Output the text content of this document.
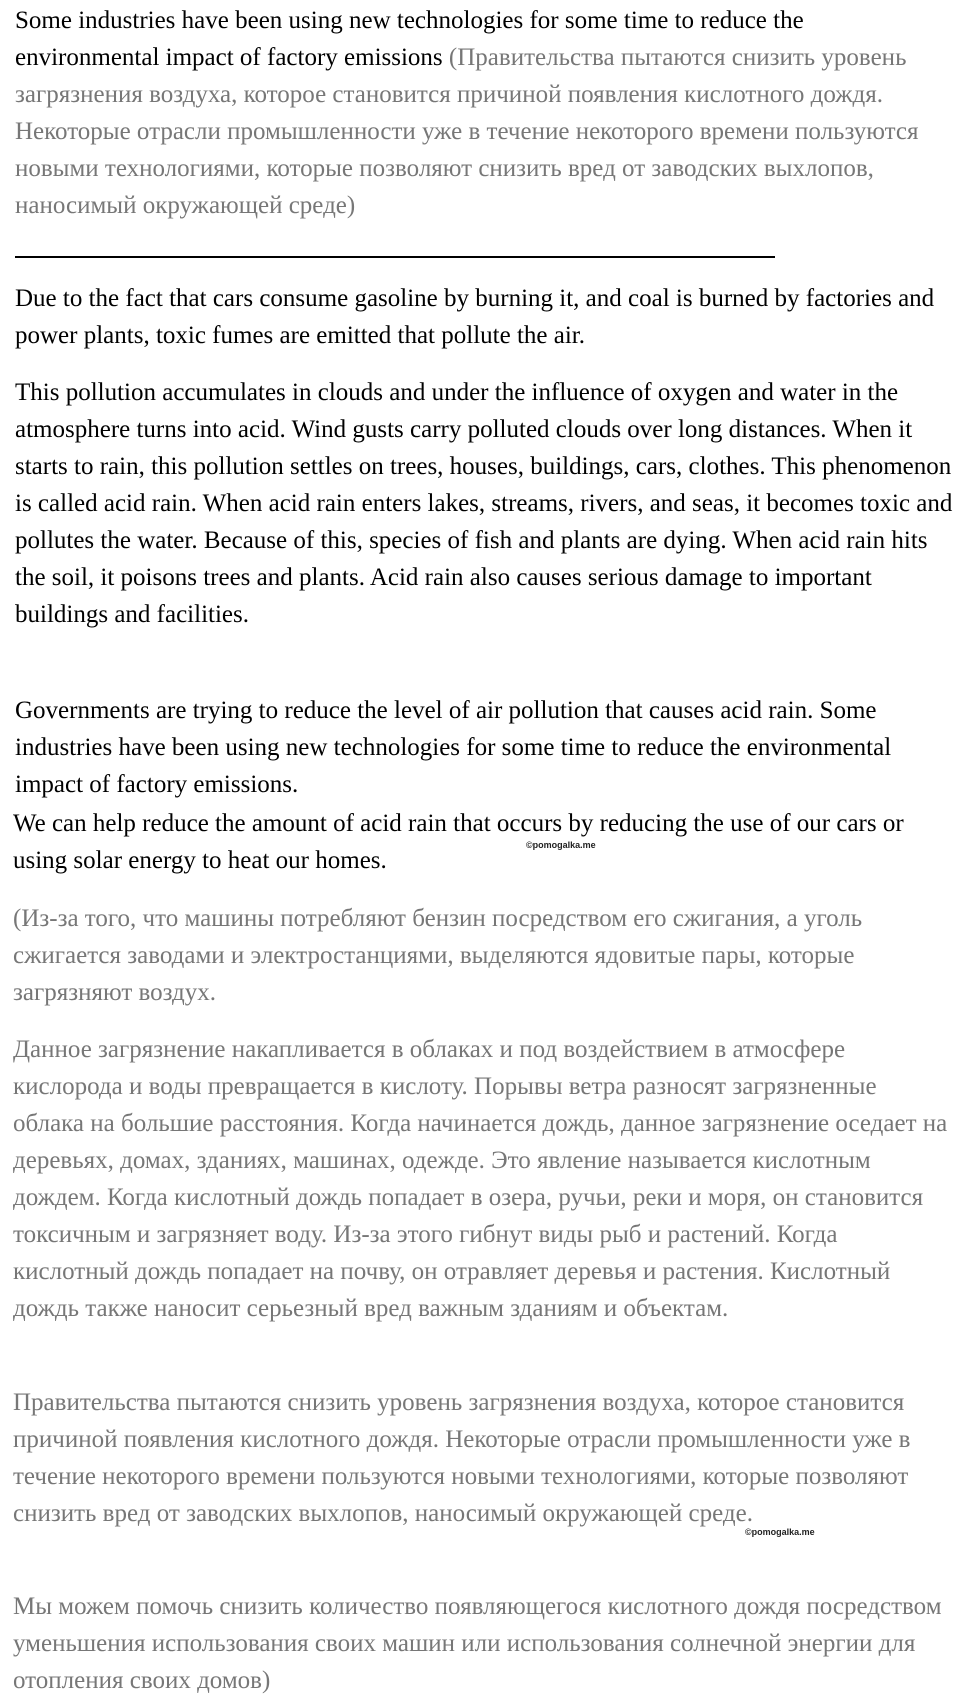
Some industries have been using new technologies for some time to reduce the environmental impact of factory emissions (Правительства пытаются снизить уровень загрязнения воздуха, которое становится причиной появления кислотного дождя. Некоторые отрасли промышленности уже в течение некоторого времени пользуются новыми технологиями, которые позволяют снизить вред от заводских выхлопов, наносимый окружающей среде)

Due to the fact that cars consume gasoline by burning it, and coal is burned by factories and power plants, toxic fumes are emitted that pollute the air.

This pollution accumulates in clouds and under the influence of oxygen and water in the atmosphere turns into acid. Wind gusts carry polluted clouds over long distances. When it starts to rain, this pollution settles on trees, houses, buildings, cars, clothes. This phenomenon is called acid rain. When acid rain enters lakes, streams, rivers, and seas, it becomes toxic and pollutes the water. Because of this, species of fish and plants are dying. When acid rain hits the soil, it poisons trees and plants. Acid rain also causes serious damage to important buildings and facilities.

Governments are trying to reduce the level of air pollution that causes acid rain. Some industries have been using new technologies for some time to reduce the environmental impact of factory emissions.

We can help reduce the amount of acid rain that occurs by reducing the use of our cars or using solar energy to heat our homes.

©pomogalka.me

(Из-за того, что машины потребляют бензин посредством его сжигания, а уголь сжигается заводами и электростанциями, выделяются ядовитые пары, которые загрязняют воздух.

Данное загрязнение накапливается в облаках и под воздействием в атмосфере кислорода и воды превращается в кислоту. Порывы ветра разносят загрязненные облака на большие расстояния. Когда начинается дождь, данное загрязнение оседает на деревьях, домах, зданиях, машинах, одежде. Это явление называется кислотным дождем. Когда кислотный дождь попадает в озера, ручьи, реки и моря, он становится токсичным и загрязняет воду. Из-за этого гибнут виды рыб и растений. Когда кислотный дождь попадает на почву, он отравляет деревья и растения. Кислотный дождь также наносит серьезный вред важным зданиям и объектам.

Правительства пытаются снизить уровень загрязнения воздуха, которое становится причиной появления кислотного дождя. Некоторые отрасли промышленности уже в течение некоторого времени пользуются новыми технологиями, которые позволяют снизить вред от заводских выхлопов, наносимый окружающей среде.

©pomogalka.me

Мы можем помочь снизить количество появляющегося кислотного дождя посредством уменьшения использования своих машин или использования солнечной энергии для отопления своих домов)
